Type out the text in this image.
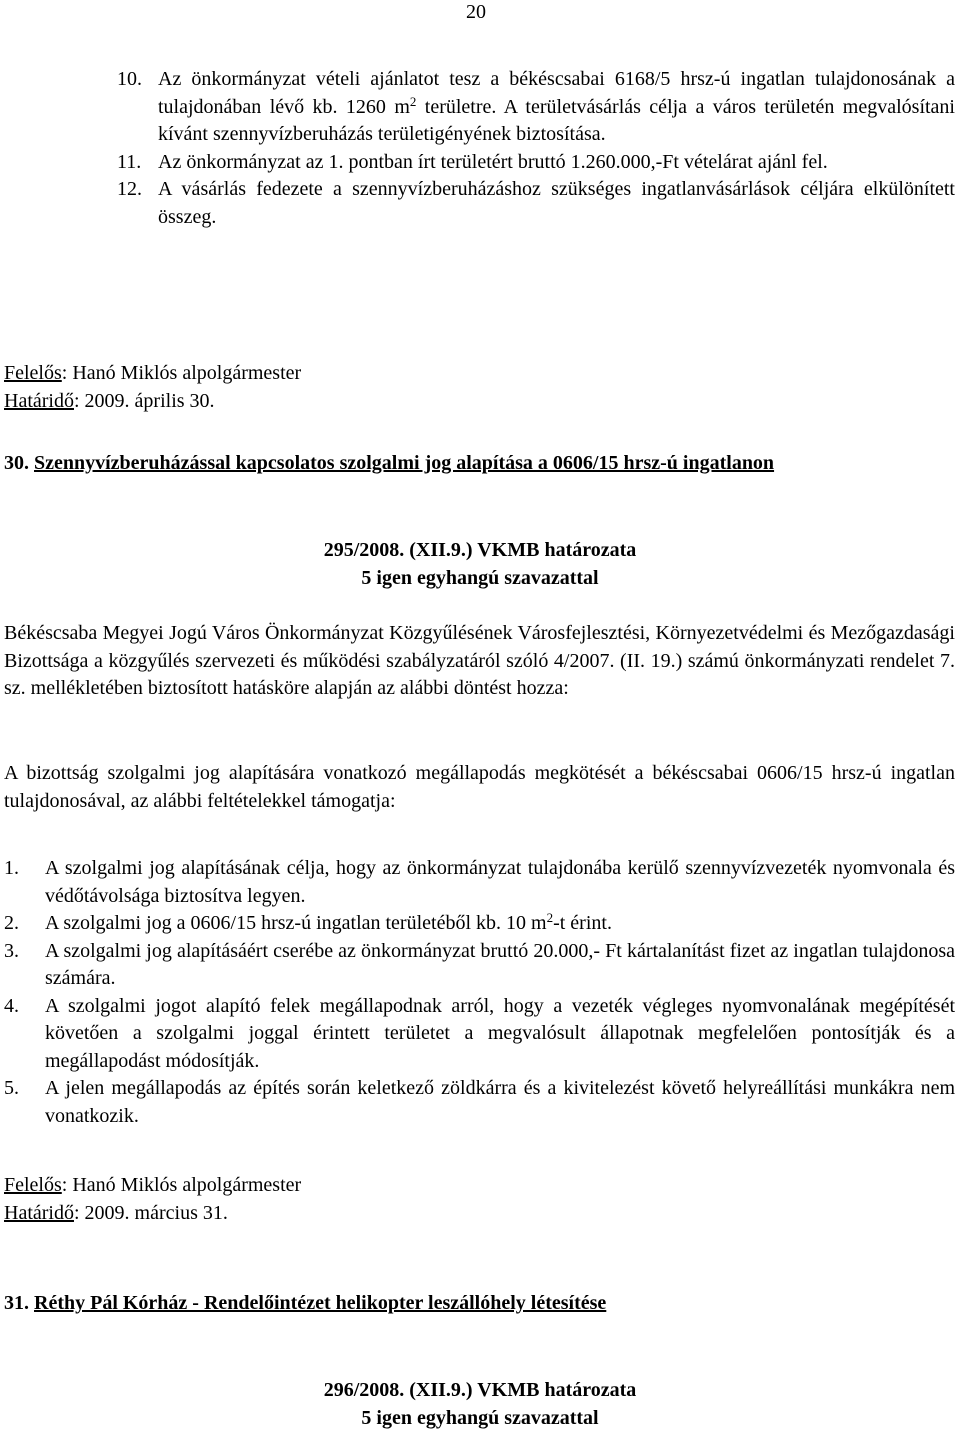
20
10. Az önkormányzat vételi ajánlatot tesz a békéscsabai 6168/5 hrsz-ú ingatlan tulajdonosának a tulajdonában lévő kb. 1260 $m^2$ területre. A területvásárlás célja a város területén megvalósítani kívánt szennyvízberuházás területigényének biztosítása.

11. Az önkormányzat az 1. pontban írt területért bruttó 1.260.000,-Ft vételárat ajánl fel.

12. A vásárlás fedezete a szennyvízberuházáshoz szükséges ingatlanvásárlások céljára elkülönített összeg.

Felelős: Hanó Miklós alpolgármester

Határidő: 2009. április 30.

30. Szennyvízberuházással kapcsolatos szolgalmi jog alapítása a 0606/15 hrsz-ú ingatlanon
295/2008. (XII.9.) VKMB határozata
5 igen egyhangú szavazattal

Békéscsaba Megyei Jogú Város Önkormányzat Közgyűlésének Városfejlesztési, Környezetvédelmi és Mezőgazdasági Bizottsága a közgyűlés szervezeti és működési szabályzatáról szóló 4/2007. (II. 19.) számú önkormányzati rendelet 7. sz. mellékletében biztosított hatásköre alapján az alábbi döntést hozza:

A bizottság szolgalmi jog alapítására vonatkozó megállapodás megkötését a békéscsabai 0606/15 hrsz-ú ingatlan tulajdonosával, az alábbi feltételekkel támogatja:

1. A szolgalmi jog alapításának célja, hogy az önkormányzat tulajdonába kerülő szennyvízvezeték nyomvonala és védőtávolsága biztosítva legyen.

2. A szolgalmi jog a 0606/15 hrsz-ú ingatlan területéből kb. 10 $m^2-t$ érint.

3. A szolgalmi jog alapításáért cserébe az önkormányzat bruttó 20.000,- Ft kártalanítást fizet az ingatlan tulajdonosa számára.

4. A szolgalmi jogot alapító felek megállapodnak arról, hogy a vezeték végleges nyomvonalának megépítését követően a szolgalmi joggal érintett területet a megvalósult állapotnak megfelelően pontosítják és a megállapodást módosítják.

5. A jelen megállapodás az építés során keletkező zöldkárra és a kivitelezést követő helyreállítási munkákra nem vonatkozik.

Felelős: Hanó Miklós alpolgármester

Határidő: 2009. március 31.

31. Réthy Pál Kórház - Rendelőintézet helikopter leszállóhely létesítése
296/2008. (XII.9.) VKMB határozata
5 igen egyhangú szavazattal
